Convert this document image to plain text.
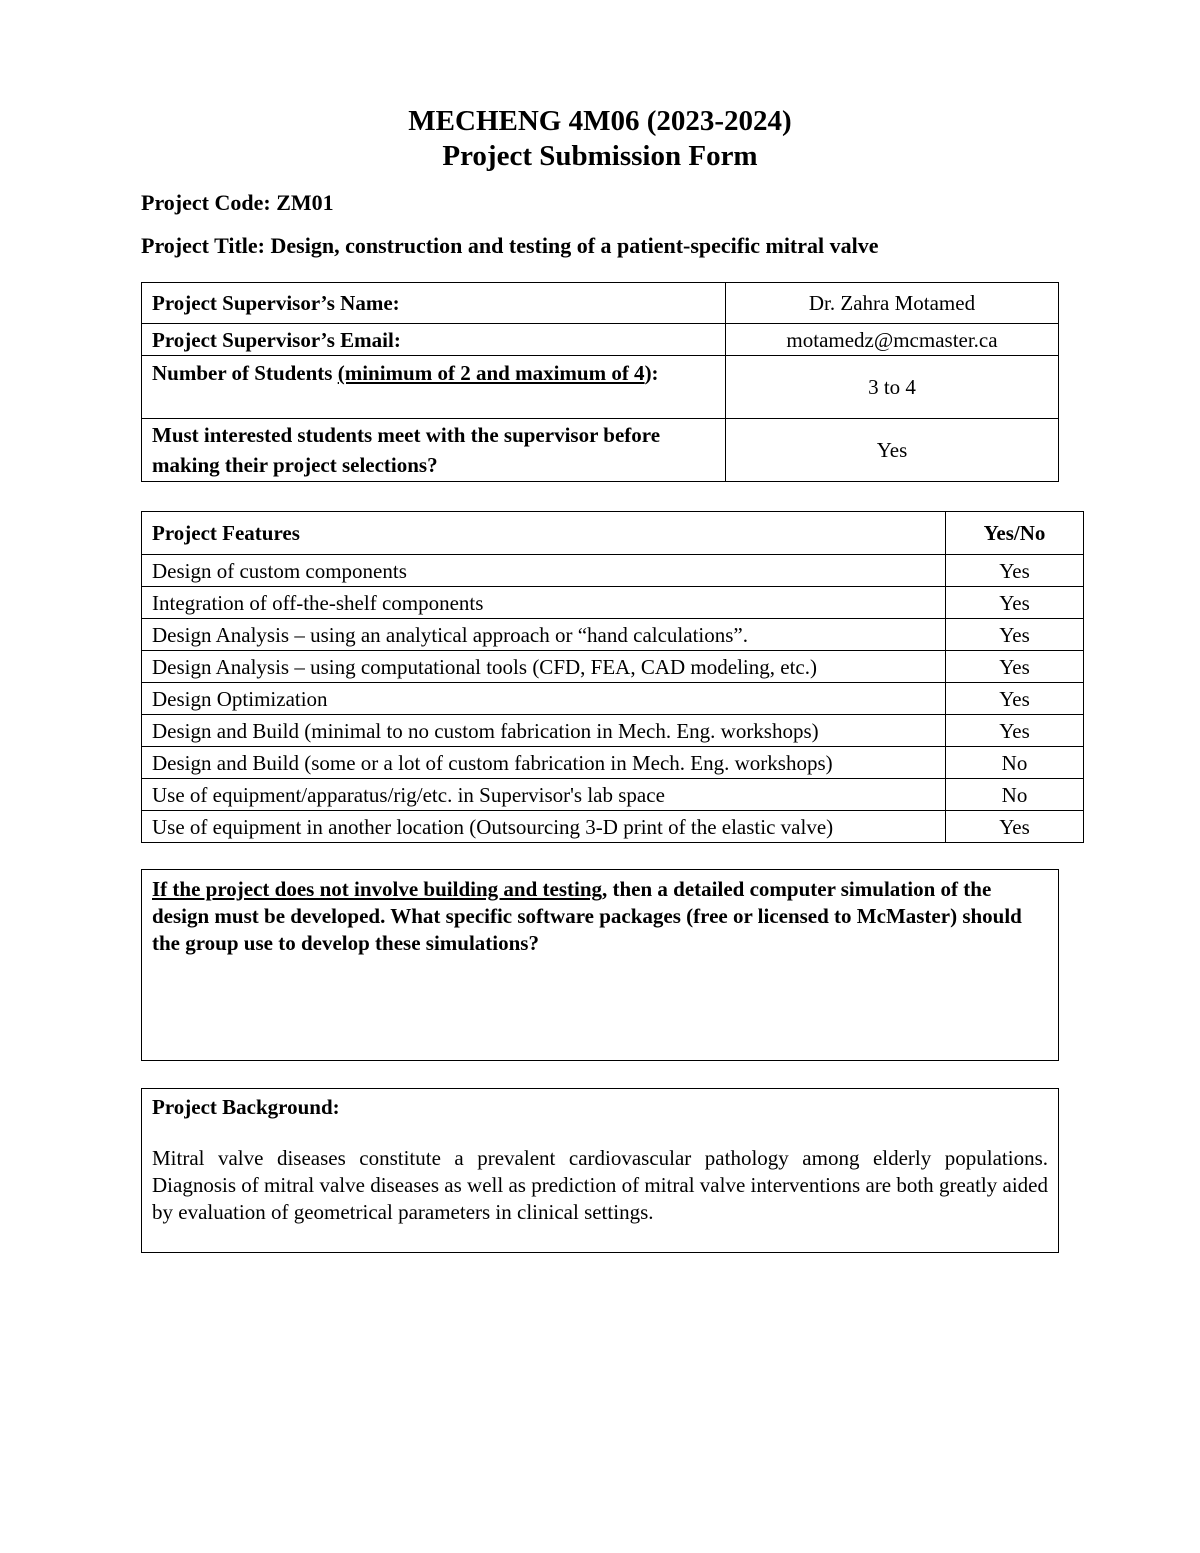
MECHENG 4M06 (2023-2024)
Project Submission Form
Project Code: ZM01
Project Title: Design, construction and testing of a patient-specific mitral valve
Project Supervisor’s Name:	Dr. Zahra Motamed
Project Supervisor’s Email:	motamedz@mcmaster.ca
Number of Students (minimum of 2 and maximum of 4):	3 to 4
Must interested students meet with the supervisor before making their project selections?	Yes
Project Features	Yes/No
Design of custom components	Yes
Integration of off-the-shelf components	Yes
Design Analysis – using an analytical approach or “hand calculations”.	Yes
Design Analysis – using computational tools (CFD, FEA, CAD modeling, etc.)	Yes
Design Optimization	Yes
Design and Build (minimal to no custom fabrication in Mech. Eng. workshops)	Yes
Design and Build (some or a lot of custom fabrication in Mech. Eng. workshops)	No
Use of equipment/apparatus/rig/etc. in Supervisor's lab space	No
Use of equipment in another location (Outsourcing 3-D print of the elastic valve)	Yes

If the project does not involve building and testing, then a detailed computer simulation of the design must be developed. What specific software packages (free or licensed to McMaster) should the group use to develop these simulations?

Project Background:
Mitral valve diseases constitute a prevalent cardiovascular pathology among elderly populations. Diagnosis of mitral valve diseases as well as prediction of mitral valve interventions are both greatly aided by evaluation of geometrical parameters in clinical settings.
